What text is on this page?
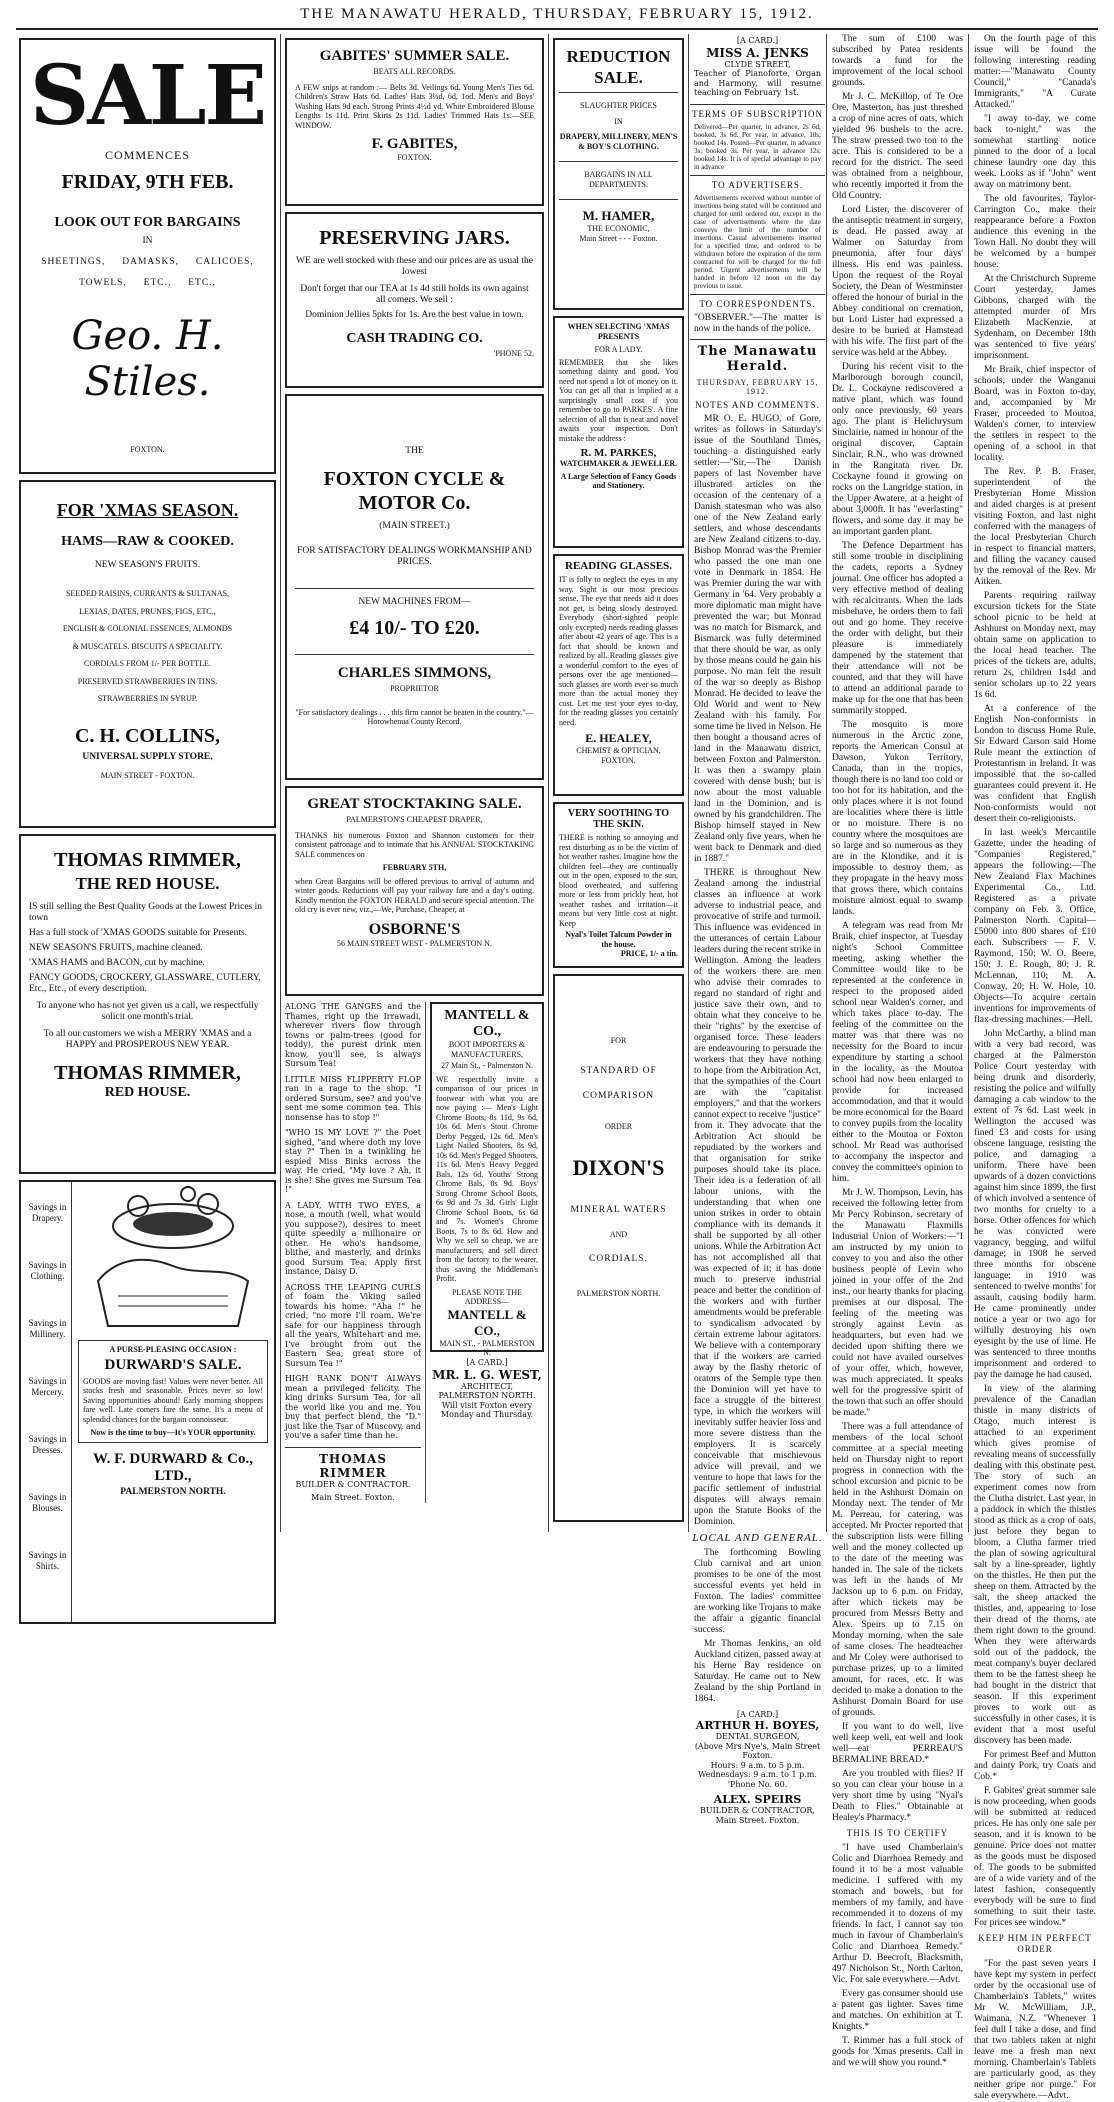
THE MANAWATU HERALD, THURSDAY, FEBRUARY 15, 1912.
SALE
COMMENCES
FRIDAY, 9TH FEB.
LOOK OUT FOR BARGAINS
IN
SHEETINGS,     DAMASKS,     CALICOES,
TOWELS,     ETC.,     ETC.,
Geo. H. Stiles.
FOXTON.
FOR 'XMAS SEASON.
HAMS—RAW & COOKED.
NEW SEASON'S FRUITS.
SEEDED RAISINS, CURRANTS & SULTANAS,
LEXIAS, DATES, PRUNES, FIGS, ETC.,
ENGLISH & COLONIAL ESSENCES, ALMONDS
& MUSCATELS. BISCUITS A SPECIALITY.
CORDIALS FROM 1/- PER BOTTLE.
PRESERVED STRAWBERRIES IN TINS.
STRAWBERRIES IN SYRUP.
C. H. COLLINS,
UNIVERSAL SUPPLY STORE,
MAIN STREET - FOXTON.
THOMAS RIMMER,
THE RED HOUSE.
IS still selling the Best Quality Goods at the Lowest Prices in town
Has a full stock of 'XMAS GOODS suitable for Presents.
NEW SEASON'S FRUITS, machine cleaned.
'XMAS HAMS and BACON, cut by machine.
FANCY GOODS, CROCKERY, GLASSWARE, CUTLERY, Etc., Etc., of every description.
To anyone who has not yet given us a call, we respectfully solicit one month's trial.
To all our customers we wish a MERRY 'XMAS and a HAPPY and PROSPEROUS NEW YEAR.
THOMAS RIMMER,
RED HOUSE.
Savings in Drapery.
Savings in Clothing.
Savings in Millinery.
Savings in Mercery.
Savings in Dresses.
Savings in Blouses.
Savings in Shirts.
A PURSE-PLEASING OCCASION :
DURWARD'S SALE.
GOODS are moving fast! Values were never better. All stocks fresh and seasonable. Prices never so low! Saving opportunities abound! Early morning shoppers fare well. Late comers fare the same. It's a menu of splendid chances for the bargain connoisseur.
Now is the time to buy—It's YOUR opportunity.
W. F. DURWARD & Co., LTD.,
PALMERSTON NORTH.
GABITES' SUMMER SALE.
BEATS ALL RECORDS.
A FEW snips at random :— Belts 3d. Veilings 6d. Young Men's Ties 6d. Children's Straw Hats 6d. Ladies' Hats 3½d, 6d, 1od. Men's and Boys' Washing Hats 9d each. Strong Prints 4½d yd. White Embroidered Blouse Lengths 1s 11d. Print Skirts 2s 11d. Ladies' Trimmed Hats 1s.—SEE WINDOW.
F. GABITES,
FOXTON.
PRESERVING JARS.
WE are well stocked with these and our prices are as usual the lowest
Don't forget that our TEA at 1s 4d still holds its own against all comers. We sell :
Dominion Jellies 5pkts for 1s. Are the best value in town.
CASH TRADING CO.
'PHONE 52.
THE
FOXTON CYCLE & MOTOR Co.
(MAIN STREET.)
FOR SATISFACTORY DEALINGS WORKMANSHIP AND PRICES.
NEW MACHINES FROM—
£4 10/- TO £20.
CHARLES SIMMONS,
PROPRIETOR
"For satisfactory dealings . . . this firm cannot be beaten in the country."—Horowhenua County Record.
GREAT STOCKTAKING SALE.
PALMERSTON'S CHEAPEST DRAPER,
THANKS his numerous Foxton and Shannon customers for their consistent patronage and to intimate that his ANNUAL STOCKTAKING SALE commences on
FEBRUARY 5TH,
when Great Bargains will be offered previous to arrival of autumn and winter goods. Reductions will pay your railway fare and a day's outing. Kindly mention the FOXTON HERALD and secure special attention. The old cry is ever new, viz.,—We, Purchase, Cheaper, at
OSBORNE'S
56 MAIN STREET WEST - PALMERSTON N.
ALONG THE GANGES and the Thames, right up the Irrawadi, wherever rivers flow through towns or palm-trees (good for toddy), the purest drink men know, you'll see, is always Sursum Tea!
LITTLE MISS FLIPPERTY FLOP ran in a rage to the shop. "I ordered Sursum, see? and you've sent me some common tea. This nonsense has to stop !"
"WHO IS MY LOVE ?" the Poet sighed, "and where doth my love stay ?" Then in a twinkling he espied Miss Binks across the way. He cried, "My love ? Ah, it is she! She gives me Sursum Tea !"
A LADY, WITH TWO EYES, a nose, a mouth (well, what would you suppose?), desires to meet quite speedily a millionaire or other. He who's handsome, blithe, and masterly, and drinks good Sursum Tea. Apply first instance, Daisy D.
ACROSS THE LEAPING CURLS of foam the Viking sailed towards his home. "Aha !" he cried, "no more I'll roam. We're safe for our happiness through all the years, Whitehart and me. I've brought from out the Eastern Sea, great store of Sursum Tea !"
HIGH RANK DON'T ALWAYS mean a privileged felicity. The king drinks Sursum Tea, for all the world like you and me. You buy that perfect blend, the "D." just like the Tsar of Muscovy, and you've a safer time than he.
THOMAS RIMMER
BUILDER & CONTRACTOR.
Main Street. Foxton.
MANTELL & CO.,
BOOT IMPORTERS & MANUFACTURERS,
27 Main St., - Palmerston N.
WE respectfully invite a comparison of our prices in footwear with what you are now paying :— Men's Light Chrome Boots, 8s 11d, 9s 6d, 10s 6d. Men's Stout Chrome Derby Pegged, 12s 6d. Men's Light Nailed Shooters, 8s 9d, 10s 6d. Men's Pegged Shooters, 11s 6d. Men's Heavy Pegged Bals, 12s 6d. Youths' Strong Chrome Bals, 8s 9d. Boys' Strong Chrome School Boots, 6s 9d and 7s 3d. Girls' Light Chrome School Boots, 6s 6d and 7s. Women's Chrome Boots, 7s to 8s 6d. How and Why we sell so cheap, we are manufacturers, and sell direct from the factory to the wearer, thus saving the Middleman's Profit.
PLEASE NOTE THE ADDRESS—
MANTELL & CO.,
MAIN ST., - PALMERSTON N.
[A CARD.]
MR. L. G. WEST,
ARCHITECT,
PALMERSTON NORTH.
Will visit Foxton every Monday and Thursday.
REDUCTION SALE.
SLAUGHTER PRICES
IN
DRAPERY, MILLINERY, MEN'S & BOY'S CLOTHING.
BARGAINS IN ALL DEPARTMENTS.
M. HAMER,
THE ECONOMIC,
Main Street - - - Foxton.
WHEN SELECTING 'XMAS PRESENTS
FOR A LADY.
REMEMBER that she likes something dainty and good. You need not spend a lot of money on it. You can get all that is implied at a surprisingly small cost if you remember to go to PARKES'. A fine selection of all that is neat and novel awaits your inspection. Don't mistake the address :
R. M. PARKES,
WATCHMAKER & JEWELLER.
A Large Selection of Fancy Goods and Stationery.
READING GLASSES.
IT is folly to neglect the eyes in any way. Sight is our most precious sense. The eye that needs aid it does not get, is being slowly destroyed. Everybody (short-sighted people only excepted) needs reading glasses after about 42 years of age. This is a fact that should be known and realized by all. Reading glasses give a wonderful comfort to the eyes of persons over the age mentioned—such glasses are worth ever so much more than the actual money they cost. Let me test your eyes to-day, for the reading glasses you certainly need.
E. HEALEY,
CHEMIST & OPTICIAN,
FOXTON.
VERY SOOTHING TO THE SKIN.
THERE is nothing so annoying and rest disturbing as to be the victim of hot weather rashes. Imagine how the children feel—they are continually out in the open, exposed to the sun, blood overheated, and suffering more or less from prickly heat, hot weather rashes and irritation—it means but very little cost at night. Keep
Nyal's Toilet Talcum Powder in the house.
PRICE, 1/- a tin.
FOR
STANDARD OF
COMPARISON
ORDER
DIXON'S
MINERAL WATERS
AND
CORDIALS.
PALMERSTON NORTH.
[A CARD.]
MISS A. JENKS
CLYDE STREET,
Teacher of Pianoforte, Organ and Harmony, will resume teaching on February 1st.
TERMS OF SUBSCRIPTION
Delivered—Per quarter, in advance, 2s 6d; booked, 3s 6d. Per year, in advance, 10s; booked 14s. Posted—Per quarter, in advance 3s; booked 3s. Per year, in advance 12s; booked 14s. It is of special advantage to pay in advance
TO ADVERTISERS.
Advertisements received without number of insertions being stated will be continued and charged for until ordered out, except in the case of advertisements where the date conveys the limit of the number of insertions. Casual advertisements inserted for a specified time, and ordered to be withdrawn before the expiration of the term contracted for will be charged for the full period. Urgent advertisements will be handed in before 12 noon on the day previous to issue.
TO CORRESPONDENTS.
"OBSERVER."—The matter is now in the hands of the police.
The Manawatu Herald.
THURSDAY, FEBRUARY 15, 1912.
NOTES AND COMMENTS.

MR O. E. HUGO, of Gore, writes as follows in Saturday's issue of the Southland Times, touching a distinguished early settler:—"Sir,—The Danish papers of last November have illustrated articles on the occasion of the centenary of a Danish statesman who was also one of the New Zealand early settlers, and whose descendants are New Zealand citizens to-day. Bishop Monrad was the Premier who passed the one man one vote in Denmark in 1854. He was Premier during the war with Germany in '64. Very probably a more diplomatic man might have prevented the war; but Monrad was no match for Bismarck, and Bismarck was fully determined that there should be war, as only by those means could he gain his purpose. No man felt the result of the war so deeply as Bishop Monrad. He decided to leave the Old World and went to New Zealand with his family. For some time he lived in Nelson. He then bought a thousand acres of land in the Manawatu district, between Foxton and Palmerston. It was then a swampy plain covered with dense bush; but is now about the most valuable land in the Dominion, and is owned by his grandchildren. The Bishop himself stayed in New Zealand only five years, when he went back to Denmark and died in 1887."

THERE is throughout New Zealand among the industrial classes an influence at work adverse to industrial peace, and provocative of strife and turmoil. This influence was evidenced in the utterances of certain Labour leaders during the recent strike in Wellington. Among the leaders of the workers there are men who advise their comrades to regard no standard of right and justice save their own, and to obtain what they conceive to be their "rights" by the exercise of organised force. These leaders are endeavouring to persuade the workers that they have nothing to hope from the Arbitration Act, that the sympathies of the Court are with the "capitalist employers," and that the workers cannot expect to receive "justice" from it. They advocate that the Arbitration Act should be repudiated by the workers and that organisation for strike purposes should take its place. Their idea is a federation of all labour unions, with the understanding that when one union strikes in order to obtain compliance with its demands it shall be supported by all other unions. While the Arbitration Act has not accomplished all that was expected of it; it has done much to preserve industrial peace and better the condition of the workers and with further amendments would be preferable to syndicalism advocated by certain extreme labour agitators. We believe with a contemporary that if the workers are carried away by the flashy rhetoric of orators of the Semple type then the Dominion will yet have to face a struggle of the bitterest type, in which the workers will inevitably suffer heavier loss and more severe distress than the employers. It is scarcely conceivable that mischievous advice will prevail, and we venture to hope that laws for the pacific settlement of industrial disputes will always remain upon the Statute Books of the Dominion.

LOCAL AND GENERAL.

The forthcoming Bowling Club carnival and art union promises to be one of the most successful events yet held in Foxton. The ladies' committee are working like Trojans to make the affair a gigantic financial success.

Mr Thomas Jenkins, an old Auckland citizen, passed away at his Herne Bay residence on Saturday. He came out to New Zealand by the ship Portland in 1864.

[A CARD.]
ARTHUR H. BOYES,
DENTAL SURGEON,
(Above Mrs Nye's, Main Street Foxton.
Hours: 9 a.m. to 5 p.m. Wednesdays: 9 a.m. to 1 p.m.
'Phone No. 60.
ALEX. SPEIRS
BUILDER & CONTRACTOR,
Main Street. Foxton.

The sum of £100 was subscribed by Patea residents towards a fund for the improvement of the local school grounds.

Mr J. C. McKillop, of Te Ore Ore, Masterton, has just threshed a crop of nine acres of oats, which yielded 96 bushels to the acre. The straw pressed two ton to the acre. This is considered to be a record for the district. The seed was obtained from a neighbour, who recently imported it from the Old Country.

Lord Lister, the discoverer of the antiseptic treatment in surgery, is dead. He passed away at Walmer on Saturday from pneumonia, after four days' illness. His end was painless. Upon the request of the Royal Society, the Dean of Westminster offered the honour of burial in the Abbey conditional on cremation, but Lord Lister had expressed a desire to be buried at Hamstead with his wife. The first part of the service was held at the Abbey.

During his recent visit to the Marlborough borough council, Dr. L. Cockayne rediscovered a native plant, which was found only once previously, 60 years ago. The plant is Helichrysum Sinclairie, named in honour of the original discover, Captain Sinclair, R.N., who was drowned in the Rangitata river. Dr. Cockayne found it growing on rocks on the Langridge station, in the Upper Awatere, at a height of about 3,000ft. It has "everlasting" flowers, and some day it may be an important garden plant.

The Defence Department has still some trouble in disciplining the cadets, reports a Sydney journal. One officer has adopted a very effective method of dealing with recalcitrants. When the lads misbehave, he orders them to fall out and go home. They receive the order with delight, but their pleasure is immediately dampened by the statement that their attendance will not be counted, and that they will have to attend an additional parade to make up for the one that has been summarily stopped.

The mosquito is more numerous in the Arctic zone, reports the American Consul at Dawson, Yukon Territory, Canada, than in the tropics, though there is no land too cold or too hot for its habitation, and the only places where it is not found are localities where there is little or no moisture. There is no country where the mosquitoes are so large and so numerous as they are in the Klondike, and it is impossible to destroy them, as they propagate in the heavy moss that grows there, which contains moisture almost equal to swamp lands.

A telegram was read from Mr Braik, chief inspector, at Tuesday night's School Committee meeting, asking whether the Committee would like to be represented at the conference in respect to the proposed aided school near Walden's corner, and which takes place to-day. The feeling of the committee on the matter was that there was no necessity for the Board to incur expenditure by starting a school in the locality, as the Moutoa school had now been enlarged to provide for increased accommodation, and that it would be more economical for the Board to convey pupils from the locality either to the Moutoa or Foxton school. Mr Read was authorised to accompany the inspector and convey the committee's opinion to him.

Mr J. W. Thompson, Levin, has received the following letter from Mr Percy Robinson, secretary of the Manawatu Flaxmills Industrial Union of Workers:—"I am instructed by my union to convey to you and also the other business people of Levin who joined in your offer of the 2nd inst., our hearty thanks for placing premises at our disposal. The feeling of the meeting was strongly against Levin as headquarters, but even had we decided upon shifting there we could not have availed ourselves of your offer, which, however, was much appreciated. It speaks well for the progressive spirit of the town that such an offer should be made."

There was a full attendance of members of the local school committee at a special meeting held on Thursday night to report progress in connection with the school excursion and picnic to be held in the Ashhurst Domain on Monday next. The tender of Mr M. Perreau, for catering, was accepted. Mr Procter reported that the subscription lists were filling well and the money collected up to the date of the meeting was handed in. The sale of the tickets was left in the hands of Mr Jackson up to 6 p.m. on Friday, after which tickets may be procured from Messrs Betty and Alex. Speirs up to 7.15 on Monday morning, when the sale of same closes. The headteacher and Mr Coley were authorised to purchase prizes, up to a limited amount, for races, etc. It was decided to make a donation to the Ashhurst Domain Board for use of grounds.

If you want to do well, live well keep well, eat well and look well—eat PERREAU'S BERMALINE BREAD.*

Are you troubled with flies? If so you can clear your house in a very short time by using "Nyal's Death to Flies." Obtainable at Healey's Pharmacy.*

THIS IS TO CERTIFY

"I have used Chamberlain's Colic and Diarrhoea Remedy and found it to be a most valuable medicine. I suffered with my stomach and bowels, but for members of my family, and have recommended it to dozens of my friends. In fact, I cannot say too much in favour of Chamberlain's Colic and Diarrhoea Remedy." Arthur D. Beecroft, Blacksmith, 497 Nicholson St., North Carlton, Vic. For sale everywhere.—Advt.

Every gas consumer should use a patent gas lighter. Saves time and matches. On exhibition at T. Knights.*

T. Rimmer has a full stock of goods for 'Xmas presents. Call in and we will show you round.*

On the fourth page of this issue will be found the following interesting reading matter:—"Manawatu County Council," "Canada's Immigrants," "A Curate Attacked."

"I away to-day, we come back to-night," was the somewhat startling notice pinned to the door of a local chinese laundry one day this week. Looks as if "John" went away on matrimony bent.

The old favourites, Taylor-Carrington Co., make their reappearance before a Foxton audience this evening in the Town Hall. No doubt they will be welcomed by a bumper house.

At the Christchurch Supreme Court yesterday, James Gibbons, charged with the attempted murder of Mrs Elizabeth MacKenzie, at Sydenham, on December 18th was sentenced to five years' imprisonment.

Mr Braik, chief inspector of schools, under the Wanganui Board, was in Foxton to-day, and, accompanied by Mr Fraser, proceeded to Moutoa, Walden's corner, to interview the settlers in respect to the opening of a school in that locality.

The Rev. P. B. Fraser, superintendent of the Presbyterian Home Mission and aided charges is at present visiting Foxton, and last night conferred with the managers of the local Presbyterian Church in respect to financial matters, and filling the vacancy caused by the removal of the Rev. Mr Aitken.

Parents requiring railway excursion tickets for the State school picnic to be held at Ashhurst on Monday next, may obtain same on application to the local head teacher. The prices of the tickets are, adults, return 2s, children 1s4d and senior scholars up to 22 years 1s 6d.

At a conference of the English Non-conformists in London to discuss Home Rule, Sir Edward Carson said Home Rule meant the extinction of Protestantism in Ireland. It was impossible that the so-called guarantees could prevent it. He was confident that English Non-conformists would not desert their co-religionists.

In last week's Mercantile Gazette, under the heading of "Companies Registered," appears the following:—The New Zealand Flax Machines Experimental Co., Ltd. Registered as a private company on Feb. 3. Office, Palmerston North. Capital—£5000 into 800 shares of £10 each. Subscribers — F. V. Raymond, 150; W. O. Beere, 150; J. E. Rough, 80; J. R. McLennan, 110; M. A. Conway, 20; H. W. Hole, 10. Objects—To acquire certain inventions for improvements of flax-dressing machines.—Hell.

John McCarthy, a blind man with a very bad record, was charged at the Palmerston Police Court yesterday with being drunk and disorderly, resisting the police and wilfully damaging a cab window to the extent of 7s 6d. Last week in Wellington the accused was fined £3 and costs for using obscene language, resisting the police, and damaging a uniform. There have been upwards of a dozen convictions against him since 1899, the first of which involved a sentence of two months for cruelty to a horse. Other offences for which he was convicted were vagrancy, begging, and wilful damage; in 1908 he served three months for obscene language; in 1910 was sentenced to twelve months' for assault, causing bodily harm. He came prominently under notice a year or two ago for wilfully destroying his own eyesight by the use of lime. He was sentenced to three months imprisonment and ordered to pay the damage he had caused.

In view of the alarming prevalence of the Canadian thistle in many districts of Otago, much interest is attached to an experiment which gives promise of revealing means of successfully dealing with this obstinate pest. The story of such an experiment comes now from the Clutha district. Last year, in a paddock in which the thistles stood as thick as a crop of oats, just before they began to bloom, a Clutha farmer tried the plan of sowing agricultural salt by a line-spreader, lightly on the thistles. He then put the sheep on them. Attracted by the salt, the sheep attacked the thistles, and, appearing to lose their dread of the thorns, ate them right down to the ground. When they were afterwards sold out of the paddock, the meat company's buyer declared them to be the fattest sheep he had bought in the district that season. If this experiment proves to work out as successfully in other cases, it is evident that a most useful discovery has been made.

For primest Beef and Mutton and dainty Pork, try Coats and Cob.*

F. Gabites' great summer sale is now proceeding, when goods will be submitted at reduced prices. He has only one sale per season, and it is known to be genuine. Price does not matter as the goods must be disposed of. The goods to be submitted are of a wide variety and of the latest fashion, consequently everybody will be sure to find something to suit their taste. For prices see window.*

KEEP HIM IN PERFECT ORDER

"For the past seven years I have kept my system in perfect order by the occasional use of Chamberlain's Tablets," writes Mr W. McWilliam, J.P., Waimana, N.Z. "Whenever I feel dull I take a dose, and find that two tablets taken at night leave me a fresh man next morning. Chamberlain's Tablets are particularly good, as they neither gripe nor purge." For sale everywhere.—Advt.
